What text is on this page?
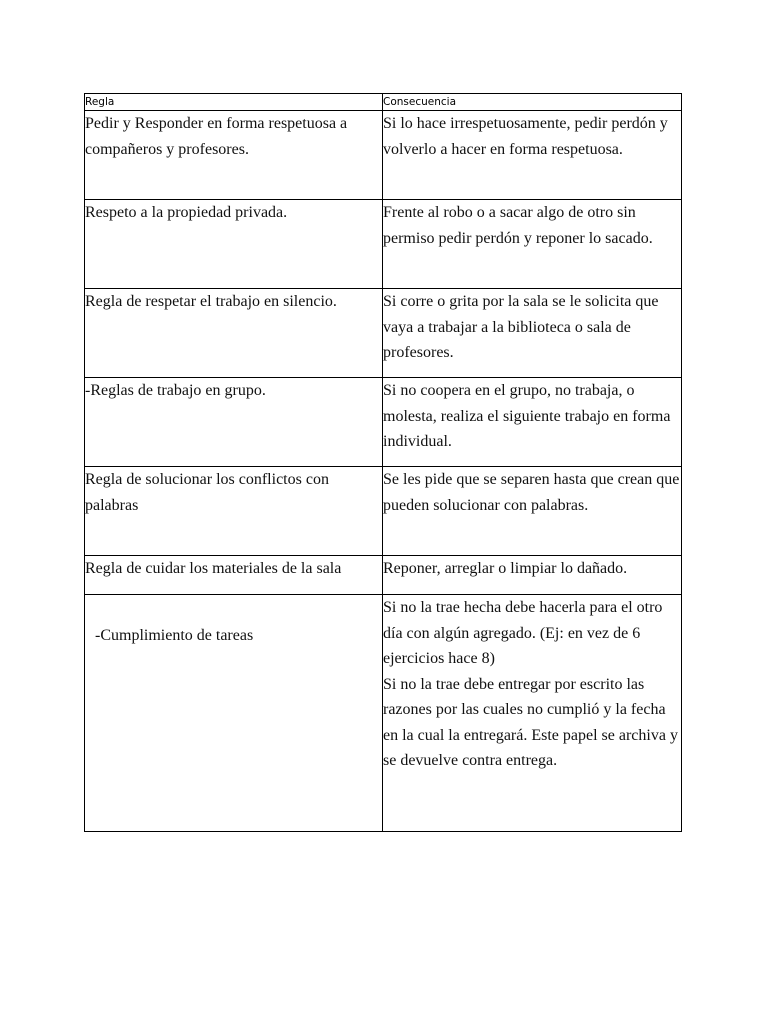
Regla	Consecuencia
Pedir y Responder en forma respetuosa a compañeros y profesores.	Si lo hace irrespetuosamente, pedir perdón y volverlo a hacer en forma respetuosa.
Respeto a la propiedad privada.	Frente al robo o a sacar algo de otro sin permiso pedir perdón y reponer lo sacado.
Regla de respetar el trabajo en silencio.	Si corre o grita por la sala se le solicita que vaya a trabajar a la biblioteca o sala de profesores.
-Reglas de trabajo en grupo.	Si no coopera en el grupo, no trabaja, o molesta, realiza el siguiente trabajo en forma individual.
Regla de solucionar los conflictos con palabras	Se les pide que se separen hasta que crean que pueden solucionar con palabras.
Regla de cuidar los materiales de la sala	Reponer, arreglar o limpiar lo dañado.
-Cumplimiento de tareas	Si no la trae hecha debe hacerla para el otro día con algún agregado. (Ej: en vez de 6 ejercicios hace 8)
Si no la trae debe entregar por escrito las razones por las cuales no cumplió y la fecha en la cual la entregará. Este papel se archiva y se devuelve contra entrega.
